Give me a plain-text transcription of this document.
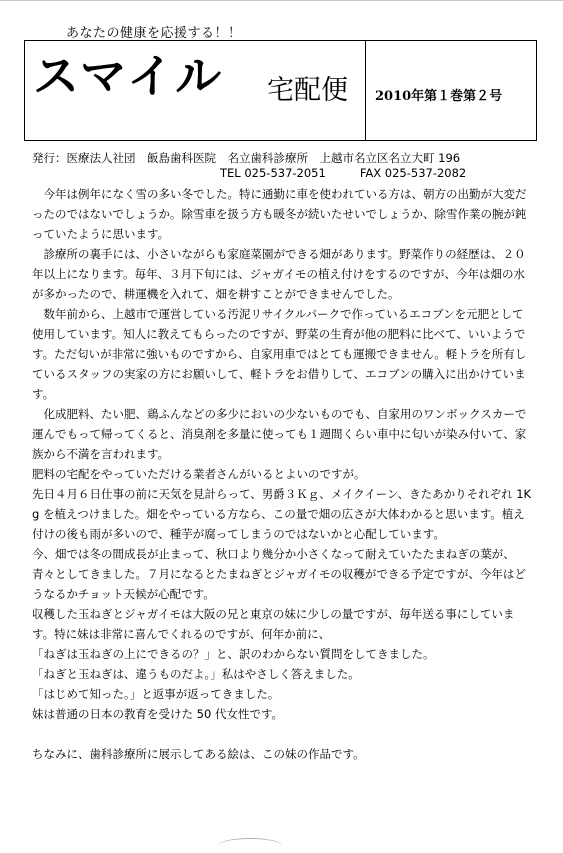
あなたの健康を応援する！！
スマイル 宅配便 2010年第１巻第２号
発行：医療法人社団　飯島歯科医院　名立歯科診療所　上越市名立区名立大町 196
TEL 025-537-2051	FAX 025-537-2082

　今年は例年になく雪の多い冬でした。特に通勤に車を使われている方は、朝方の出勤が大変だったのではないでしょうか。除雪車を扱う方も暖冬が続いたせいでしょうか、除雪作業の腕が鈍っていたように思います。

　診療所の裏手には、小さいながらも家庭菜園ができる畑があります。野菜作りの経歴は、２０年以上になります。毎年、３月下旬には、ジャガイモの植え付けをするのですが、今年は畑の水が多かったので、耕運機を入れて、畑を耕すことができませんでした。

　数年前から、上越市で運営している汚泥リサイクルパークで作っているエコブンを元肥として使用しています。知人に教えてもらったのですが、野菜の生育が他の肥料に比べて、いいようです。ただ匂いが非常に強いものですから、自家用車ではとても運搬できません。軽トラを所有しているスタッフの実家の方にお願いして、軽トラをお借りして、エコブンの購入に出かけています。

　化成肥料、たい肥、鶏ふんなどの多少においの少ないものでも、自家用のワンボックスカーで運んでもって帰ってくると、消臭剤を多量に使っても１週間くらい車中に匂いが染み付いて、家族から不満を言われます。

肥料の宅配をやっていただける業者さんがいるとよいのですが。

先日４月６日仕事の前に天気を見計らって、男爵３Ｋｇ、メイクイーン、きたあかりそれぞれ 1Kg を植えつけました。畑をやっている方なら、この量で畑の広さが大体わかると思います。植え付けの後も雨が多いので、種芋が腐ってしまうのではないかと心配しています。

今、畑では冬の間成長が止まって、秋口より幾分か小さくなって耐えていたたまねぎの葉が、青々としてきました。７月になるとたまねぎとジャガイモの収穫ができる予定ですが、今年はどうなるかチョット天候が心配です。

収穫した玉ねぎとジャガイモは大阪の兄と東京の妹に少しの量ですが、毎年送る事にしています。特に妹は非常に喜んでくれるのですが、何年か前に、

「ねぎは玉ねぎの上にできるの？」と、訳のわからない質問をしてきました。

「ねぎと玉ねぎは、違うものだよ。」私はやさしく答えました。

「はじめて知った。」と返事が返ってきました。

妹は普通の日本の教育を受けた 50 代女性です。

ちなみに、歯科診療所に展示してある絵は、この妹の作品です。
